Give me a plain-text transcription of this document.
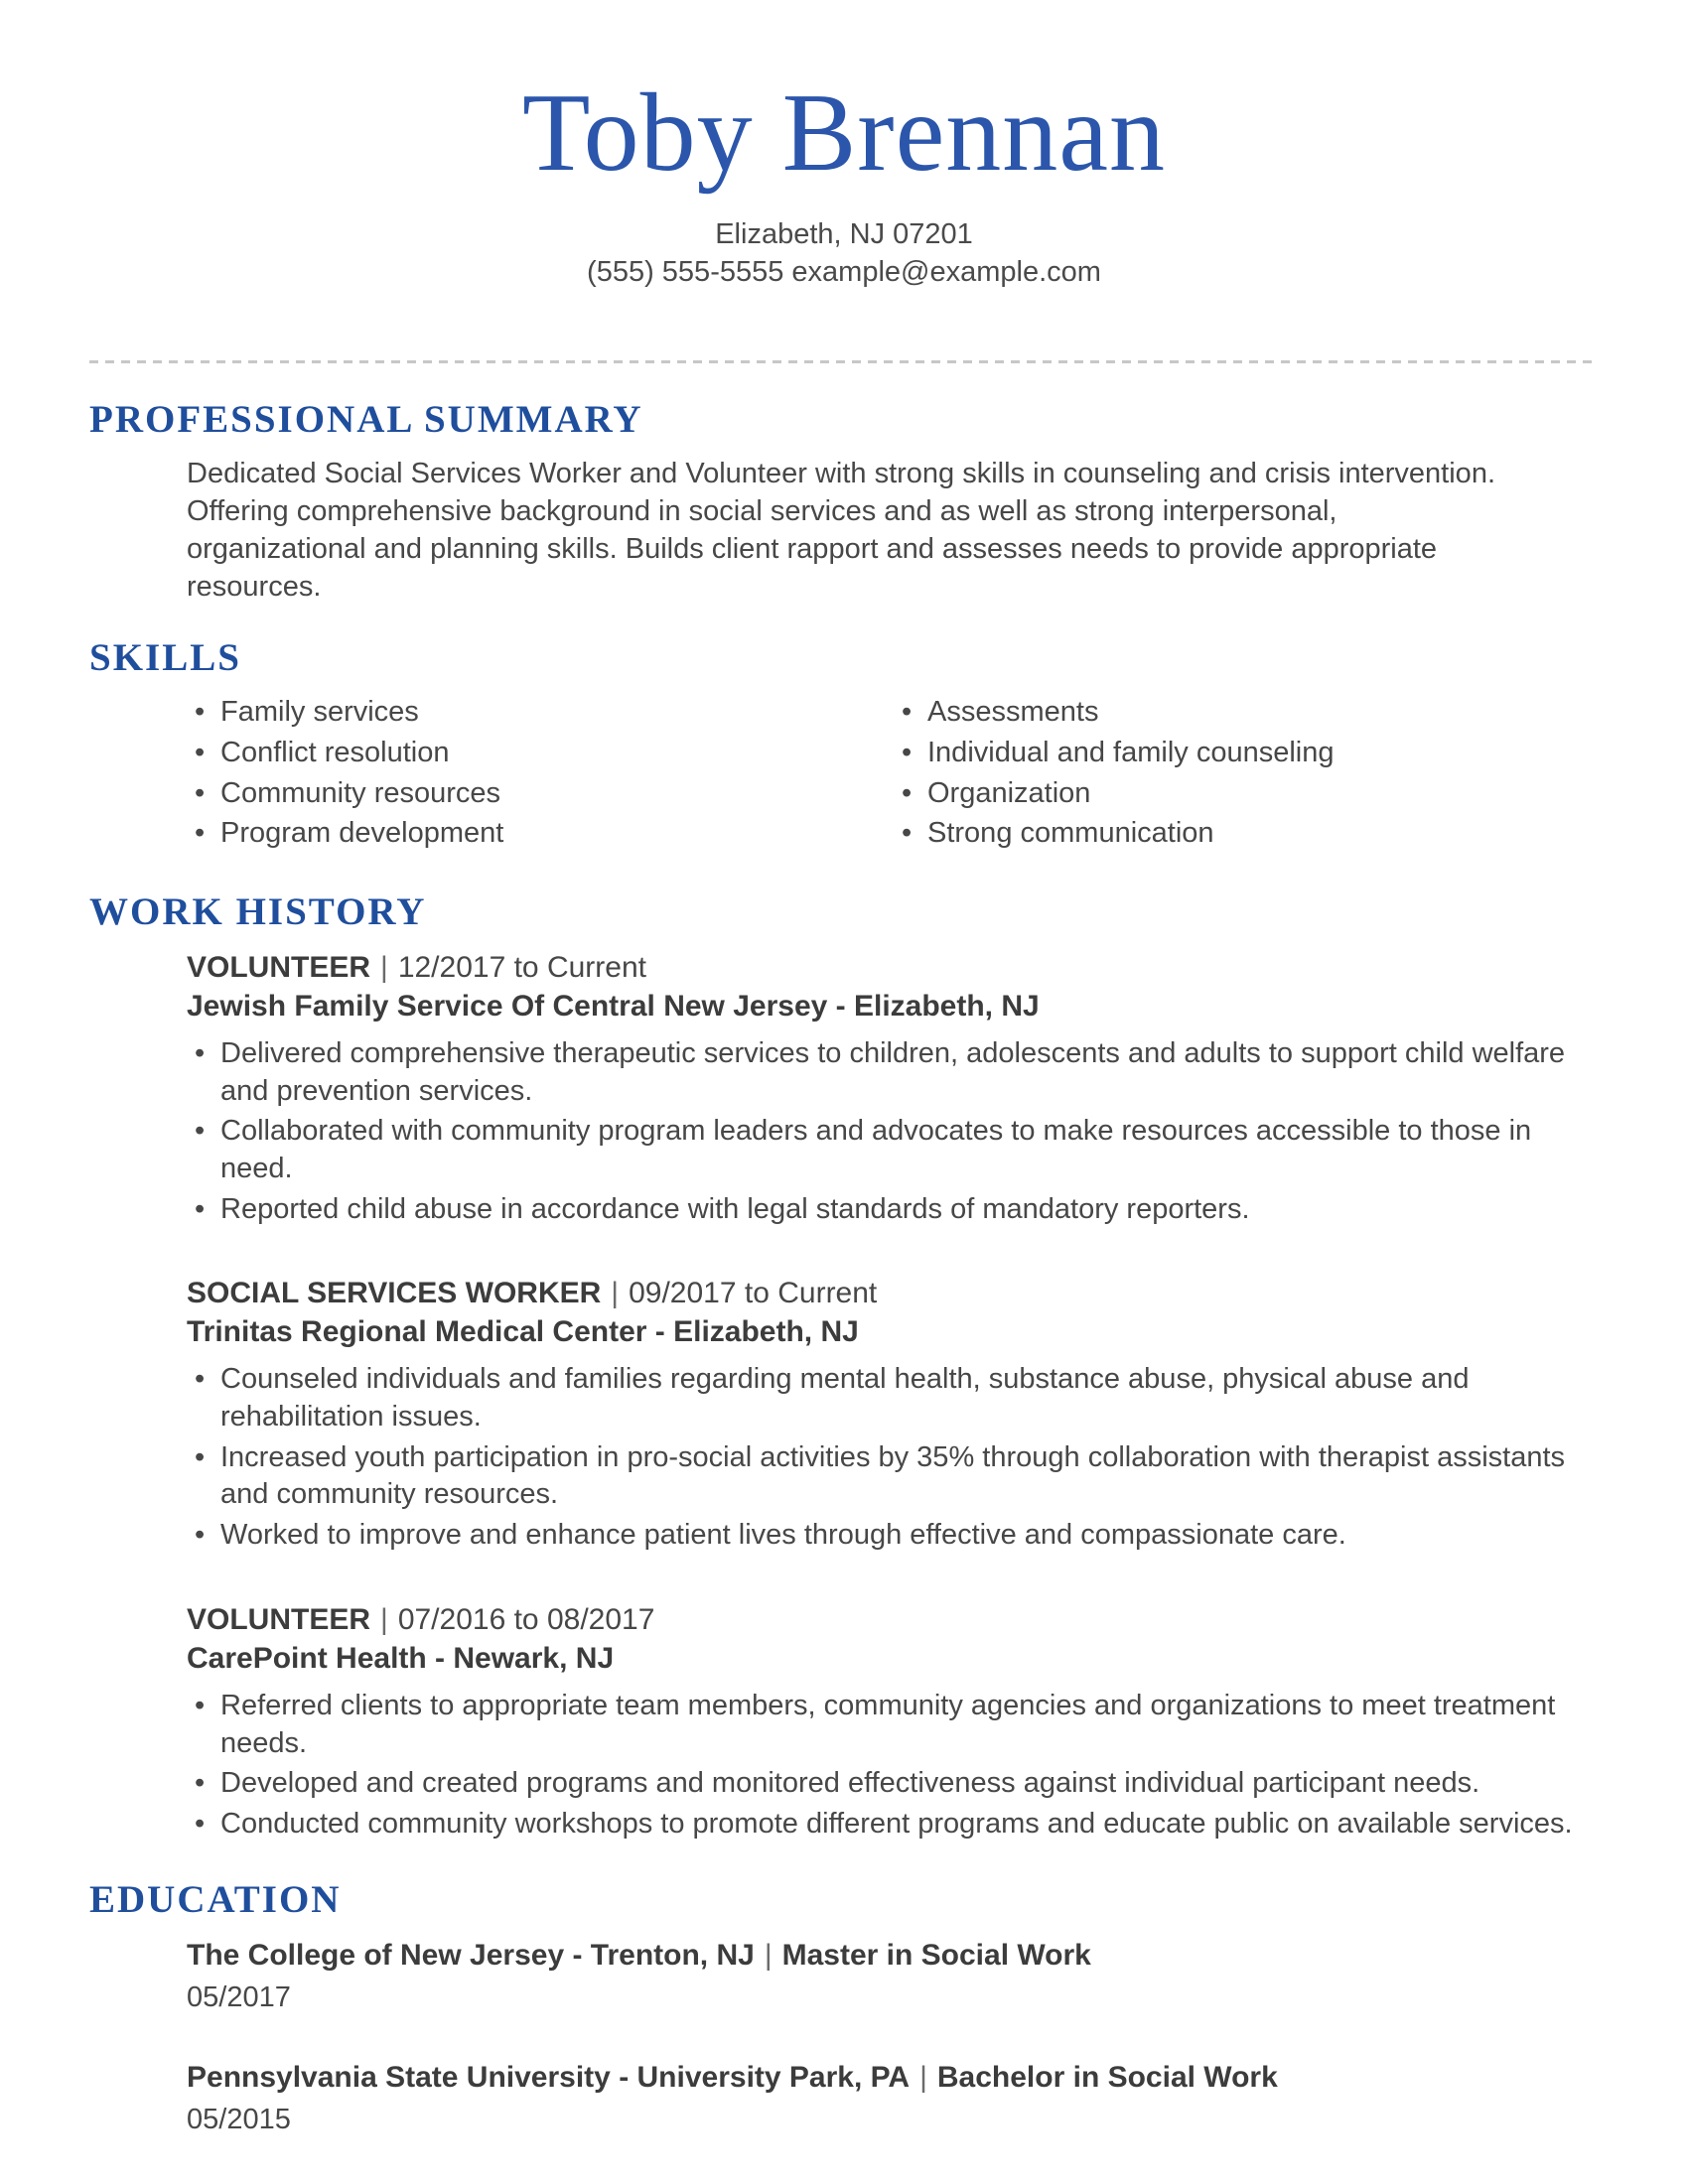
Toby Brennan
Elizabeth, NJ 07201
(555) 555-5555 example@example.com
PROFESSIONAL SUMMARY

Dedicated Social Services Worker and Volunteer with strong skills in counseling and crisis intervention. Offering comprehensive background in social services and as well as strong interpersonal, organizational and planning skills. Builds client rapport and assesses needs to provide appropriate resources.

SKILLS
• Family services
• Conflict resolution
• Community resources
• Program development
• Assessments
• Individual and family counseling
• Organization
• Strong communication
WORK HISTORY
VOLUNTEER | 12/2017 to Current
Jewish Family Service Of Central New Jersey - Elizabeth, NJ
• Delivered comprehensive therapeutic services to children, adolescents and adults to support child welfare and prevention services.
• Collaborated with community program leaders and advocates to make resources accessible to those in need.
• Reported child abuse in accordance with legal standards of mandatory reporters.
SOCIAL SERVICES WORKER | 09/2017 to Current
Trinitas Regional Medical Center - Elizabeth, NJ
• Counseled individuals and families regarding mental health, substance abuse, physical abuse and rehabilitation issues.
• Increased youth participation in pro-social activities by 35% through collaboration with therapist assistants and community resources.
• Worked to improve and enhance patient lives through effective and compassionate care.
VOLUNTEER | 07/2016 to 08/2017
CarePoint Health - Newark, NJ
• Referred clients to appropriate team members, community agencies and organizations to meet treatment needs.
• Developed and created programs and monitored effectiveness against individual participant needs.
• Conducted community workshops to promote different programs and educate public on available services.
EDUCATION
The College of New Jersey - Trenton, NJ | Master in Social Work
05/2017
Pennsylvania State University - University Park, PA | Bachelor in Social Work
05/2015
